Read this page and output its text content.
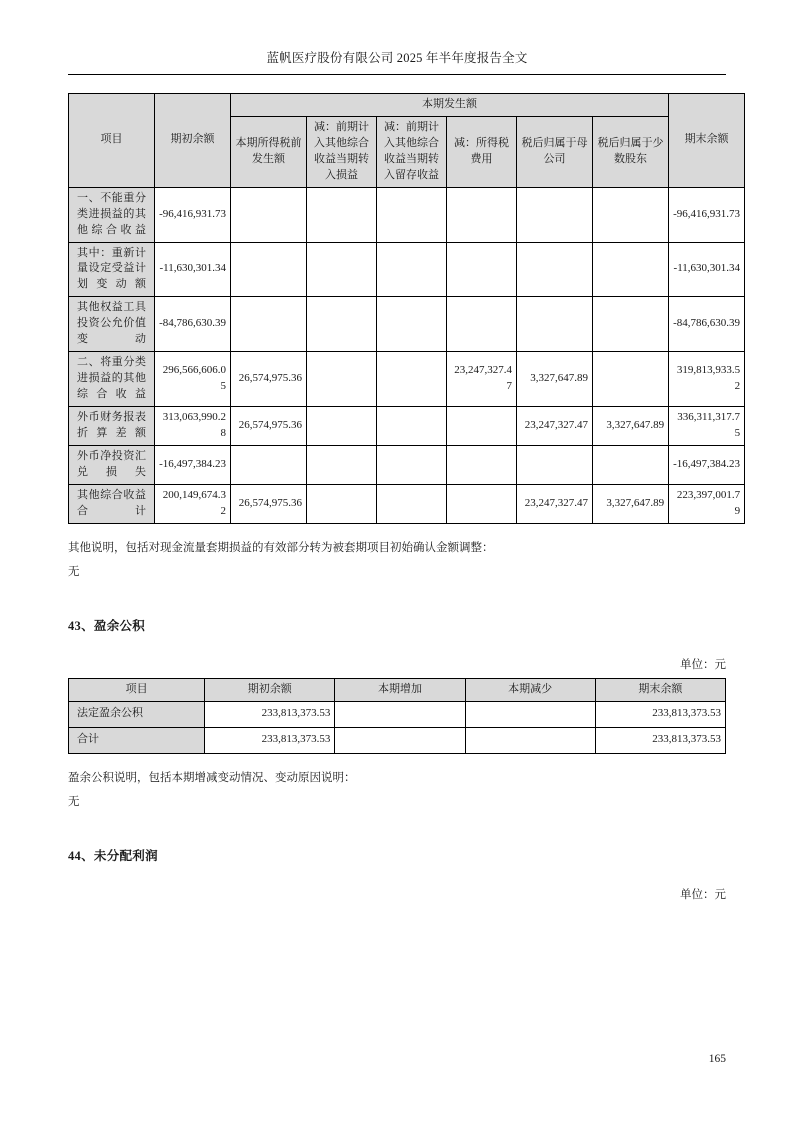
蓝帆医疗股份有限公司 2025 年半年度报告全文
项目	期初余额	本期发生额						期末余额
		本期所得税前发生额	减：前期计入其他综合收益当期转入损益	减：前期计入其他综合收益当期转入留存收益	减：所得税费用	税后归属于母公司	税后归属于少数股东	
一、不能重分类进损益的其他综合收益	-96,416,931.73							-96,416,931.73
其中：重新计量设定受益计划变动额	-11,630,301.34							-11,630,301.34
其他权益工具投资公允价值变动	-84,786,630.39							-84,786,630.39
二、将重分类进损益的其他综合收益	296,566,606.05	26,574,975.36			23,247,327.47	3,327,647.89		319,813,933.52
外币财务报表折算差额	313,063,990.28	26,574,975.36				23,247,327.47	3,327,647.89	336,311,317.75
外币净投资汇兑损失	-16,497,384.23							-16,497,384.23
其他综合收益合计	200,149,674.32	26,574,975.36				23,247,327.47	3,327,647.89	223,397,001.79

其他说明，包括对现金流量套期损益的有效部分转为被套期项目初始确认金额调整：

无

43、盈余公积
单位：元
项目	期初余额	本期增加	本期减少	期末余额
法定盈余公积	233,813,373.53			233,813,373.53
合计	233,813,373.53			233,813,373.53

盈余公积说明，包括本期增减变动情况、变动原因说明：

无

44、未分配利润
单位：元
165
